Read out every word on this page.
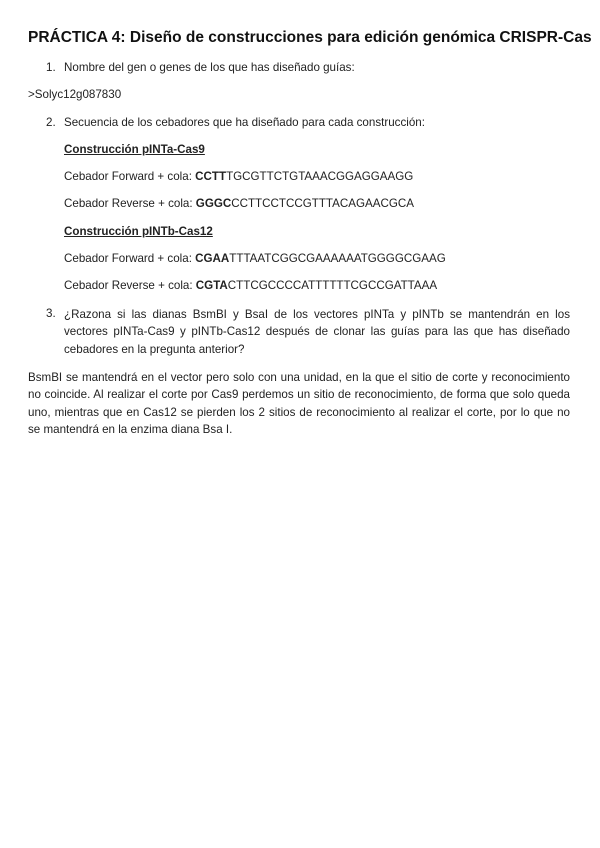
PRÁCTICA 4: Diseño de construcciones para edición genómica CRISPR-Cas
1. Nombre del gen o genes de los que has diseñado guías:
>Solyc12g087830
2. Secuencia de los cebadores que ha diseñado para cada construcción:
Construcción pINTa-Cas9
Cebador Forward + cola: CCTTTGCGTTCTGTAAACGGAGGAAGG
Cebador Reverse + cola: GGGCCCTTCCTCCGTTTACAGAACGCA
Construcción pINTb-Cas12
Cebador Forward + cola: CGAATTTAATCGGCGAAAAAATGGGGCGAAG
Cebador Reverse + cola: CGTACTTCGCCCCATTTTTTCGCCGATTAAA
3. ¿Razona si las dianas BsmBI y BsaI de los vectores pINTa y pINTb se mantendrán en los vectores pINTa-Cas9 y pINTb-Cas12 después de clonar las guías para las que has diseñado cebadores en la pregunta anterior?
BsmBI se mantendrá en el vector pero solo con una unidad, en la que el sitio de corte y reconocimiento no coincide. Al realizar el corte por Cas9 perdemos un sitio de reconocimiento, de forma que solo queda uno, mientras que en Cas12 se pierden los 2 sitios de reconocimiento al realizar el corte, por lo que no se mantendrá en la enzima diana Bsa I.
